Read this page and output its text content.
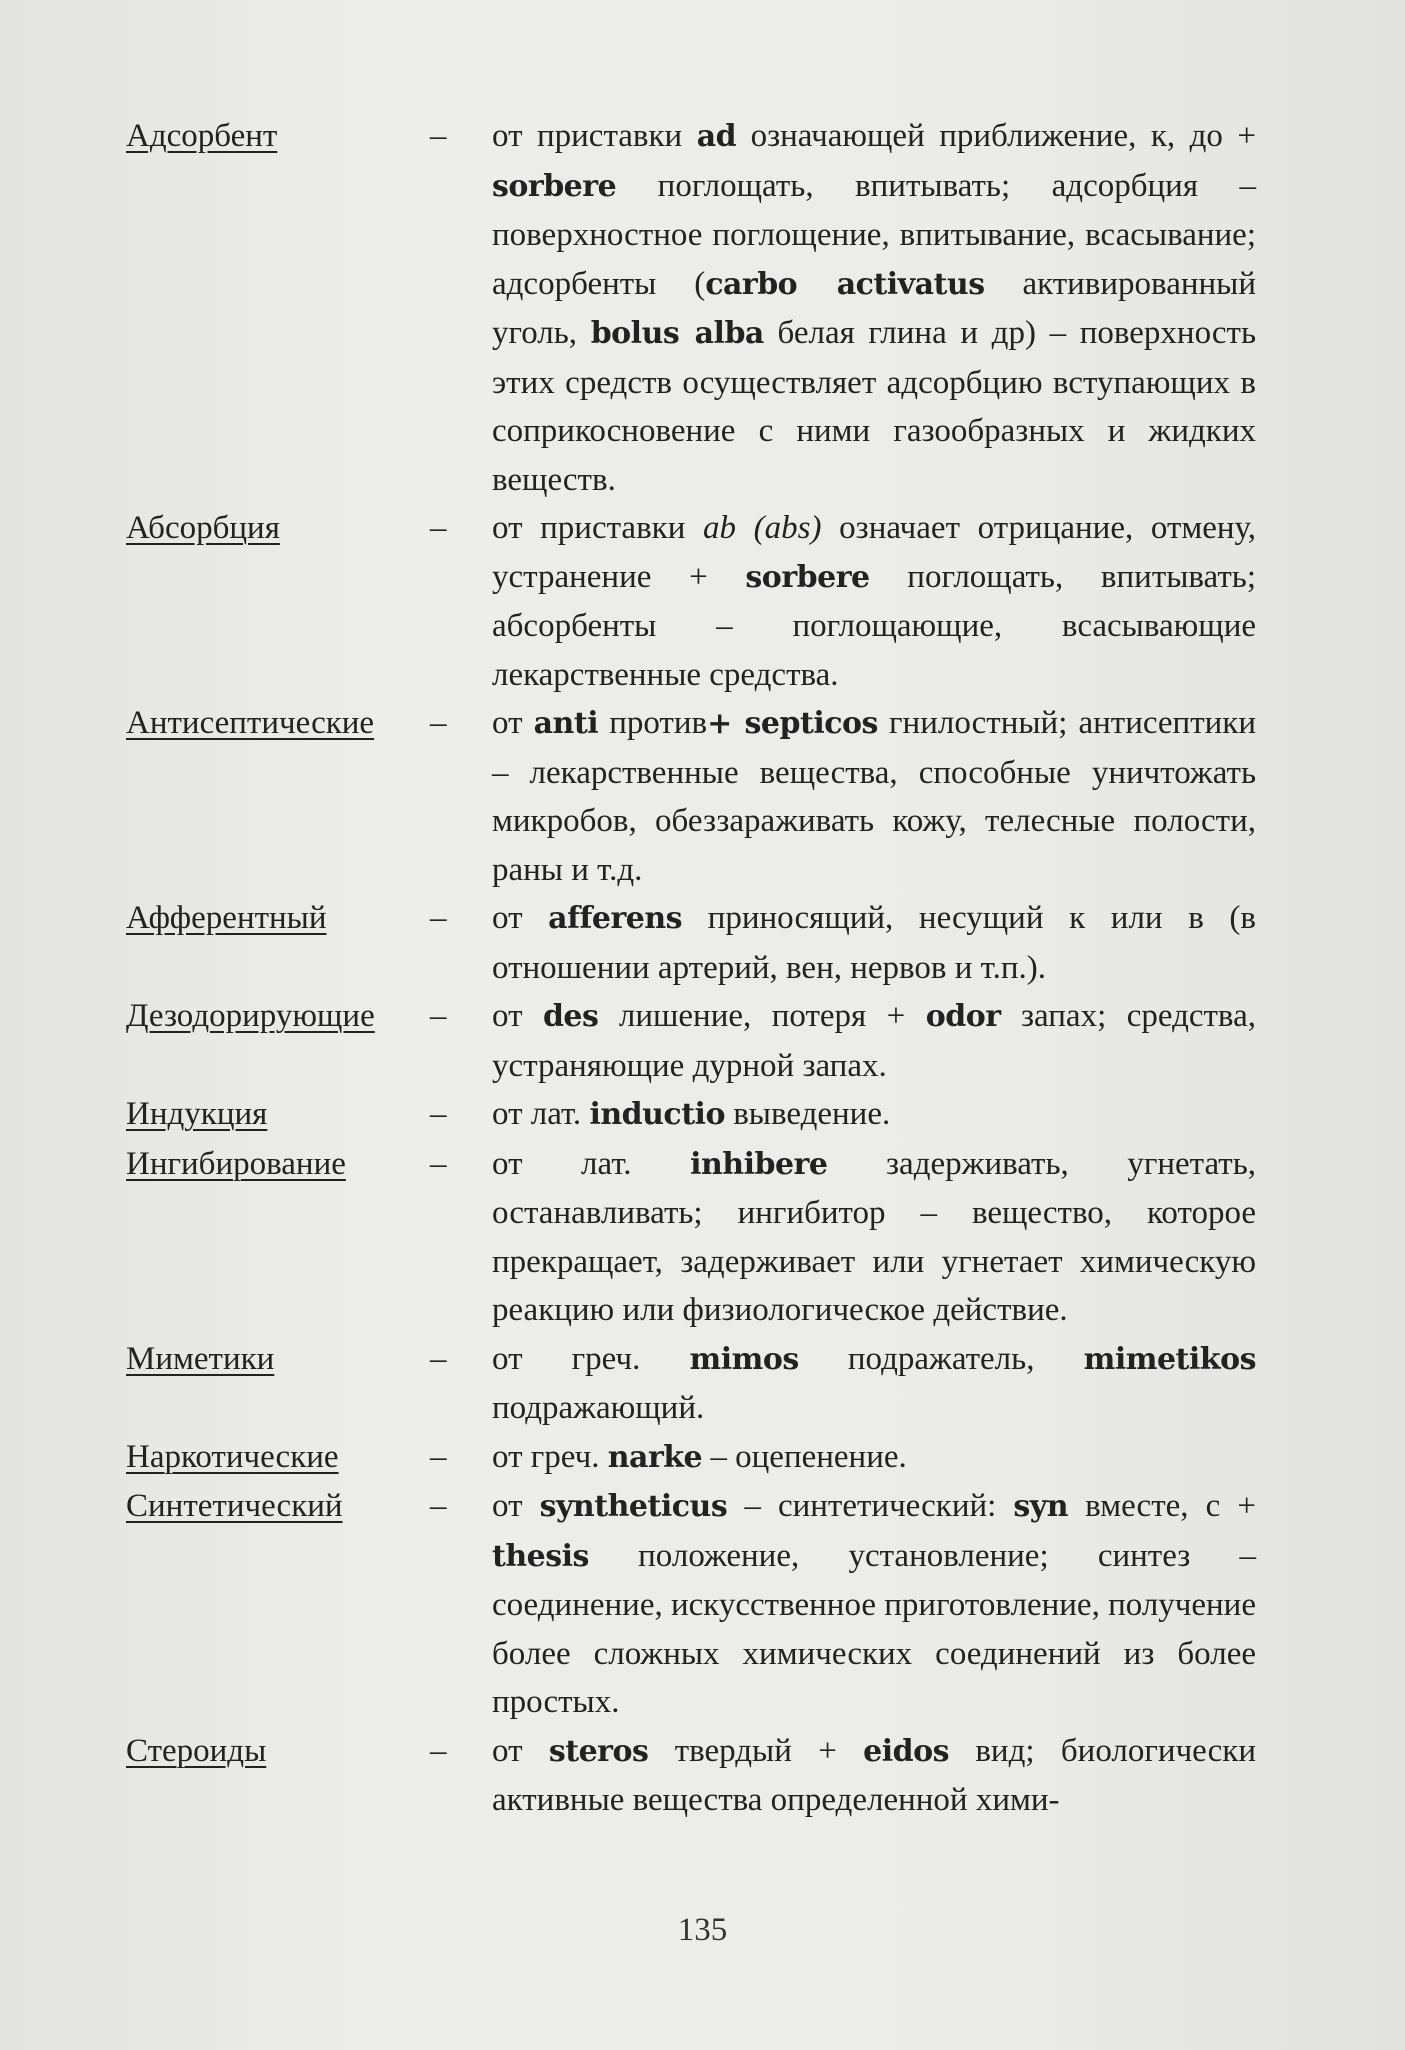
Адсорбент	–	от приставки ad означающей приближение, к, до + sorbere поглощать, впитывать; адсорбция – поверхностное поглощение, впитывание, всасывание; адсорбенты (carbo activatus активированный уголь, bolus alba белая глина и др) – поверхность этих средств осуществляет адсорбцию вступающих в соприкосновение с ними газообразных и жидких веществ.
Абсорбция	–	от приставки ab (abs) означает отрицание, отмену, устранение + sorbere поглощать, впитывать; абсорбенты – поглощающие, всасывающие лекарственные средства.
Антисептические	–	от anti против+ septicos гнилостный; антисептики – лекарственные вещества, способные уничтожать микробов, обеззараживать кожу, телесные полости, раны и т.д.
Афферентный	–	от afferens приносящий, несущий к или в (в отношении артерий, вен, нервов и т.п.).
Дезодорирующие	–	от des лишение, потеря + odor запах; средства, устраняющие дурной запах.
Индукция	–	от лат. inductio выведение.
Ингибирование	–	от лат. inhibere задерживать, угнетать, останавливать; ингибитор – вещество, которое прекращает, задерживает или угнетает химическую реакцию или физиологическое действие.
Миметики	–	от греч. mimos подражатель, mimetikos подражающий.
Наркотические	–	от греч. narke – оцепенение.
Синтетический	–	от syntheticus – синтетический: syn вместе, с + thesis положение, установление; синтез – соединение, искусственное приготовление, получение более сложных химических соединений из более простых.
Стероиды	–	от steros твердый + eidos вид; биологически активные вещества определенной хими-
135
